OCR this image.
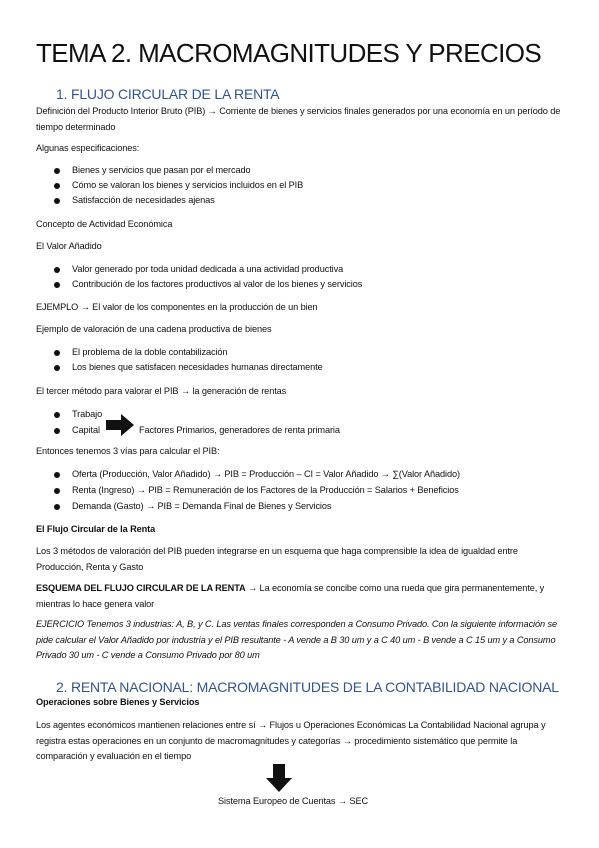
TEMA 2. MACROMAGNITUDES Y PRECIOS
1. FLUJO CIRCULAR DE LA RENTA
Definición del Producto Interior Bruto (PIB) → Corriente de bienes y servicios finales generados por una economía en un período de tiempo determinado
Algunas especificaciones:
Bienes y servicios que pasan por el mercado
Cómo se valoran los bienes y servicios incluidos en el PIB
Satisfacción de necesidades ajenas
Concepto de Actividad Económica
El Valor Añadido
Valor generado por toda unidad dedicada a una actividad productiva
Contribución de los factores productivos al valor de los bienes y servicios
EJEMPLO → El valor de los componentes en la producción de un bien
Ejemplo de valoración de una cadena productiva de bienes
El problema de la doble contabilización
Los bienes que satisfacen necesidades humanas directamente
El tercer método para valorar el PIB → la generación de rentas
Trabajo
Capital	Factores Primarios, generadores de renta primaria
Entonces tenemos 3 vías para calcular el PIB:
Oferta (Producción, Valor Añadido) → PIB = Producción – CI = Valor Añadido → ∑(Valor Añadido)
Renta (Ingreso) → PIB = Remuneración de los Factores de la Producción = Salarios + Beneficios
Demanda (Gasto) → PIB = Demanda Final de Bienes y Servicios
El Flujo Circular de la Renta
Los 3 métodos de valoración del PIB pueden integrarse en un esquema que haga comprensible la idea de igualdad entre Producción, Renta y Gasto
ESQUEMA DEL FLUJO CIRCULAR DE LA RENTA → La economía se concibe como una rueda que gira permanentemente, y mientras lo hace genera valor
EJERCICIO Tenemos 3 industrias: A, B, y C. Las ventas finales corresponden a Consumo Privado. Con la siguiente información se pide calcular el Valor Añadido por industria y el PIB resultante - A vende a B 30 um y a C 40 um - B vende a C 15 um y a Consumo Privado 30 um - C vende a Consumo Privado por 80 um
2. RENTA NACIONAL: MACROMAGNITUDES DE LA CONTABILIDAD NACIONAL
Operaciones sobre Bienes y Servicios
Los agentes económicos mantienen relaciones entre sí → Flujos u Operaciones Económicas La Contabilidad Nacional agrupa y registra estas operaciones en un conjunto de macromagnitudes y categorías → procedimiento sistemático que permite la comparación y evaluación en el tiempo
Sistema Europeo de Cuentas → SEC
